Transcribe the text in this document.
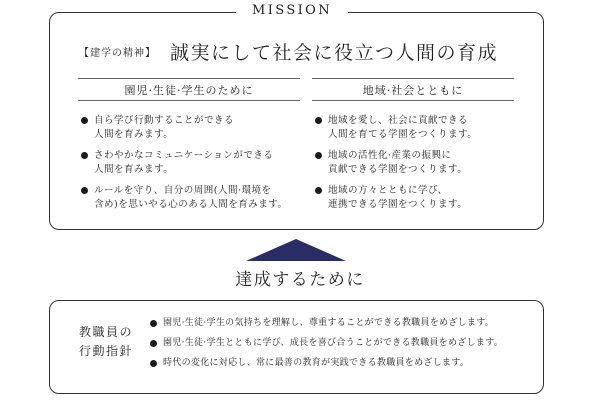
MISSION
【建学の精神】 誠実にして社会に役立つ人間の育成
園児·生徒·学生のために
自ら学び行動することができる
人間を育みます。
さわやかなコミュニケーションができる
人間を育みます。
ルールを守り、自分の周囲(人間·環境を
含め)を思いやる心のある人間を育みます。
地域·社会とともに
地域を愛し、社会に貢献できる
人間を育てる学園をつくります。
地域の活性化·産業の振興に
貢献できる学園をつくります。
地域の方々とともに学び、
連携できる学園をつくります。
達成するために
教職員の
行動指針
園児·生徒·学生の気持ちを理解し、尊重することができる教職員をめざします。
園児·生徒·学生とともに学び、成長を喜び合うことができる教職員をめざします。
時代の変化に対応し、常に最善の教育が実践できる教職員をめざします。
